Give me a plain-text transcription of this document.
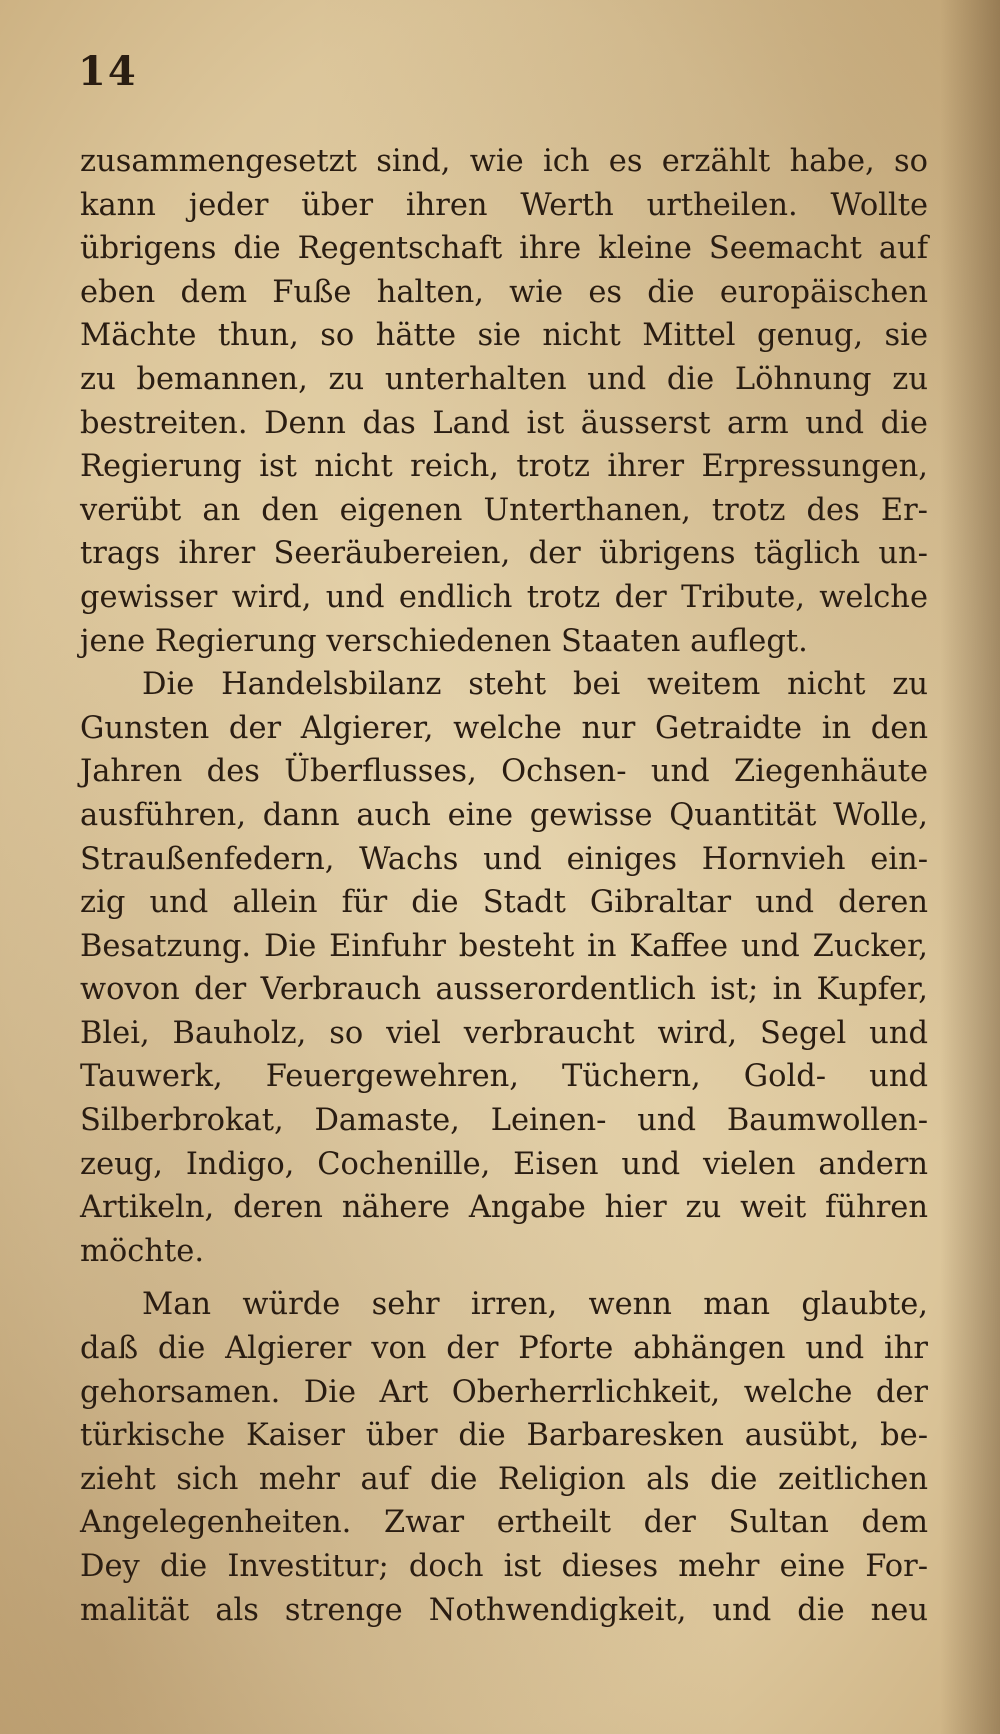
14
zusammengesetzt sind, wie ich es erzählt habe, so
kann jeder über ihren Werth urtheilen. Wollte
übrigens die Regentschaft ihre kleine Seemacht auf
eben dem Fuße halten, wie es die europäischen
Mächte thun, so hätte sie nicht Mittel genug, sie
zu bemannen, zu unterhalten und die Löhnung zu
bestreiten. Denn das Land ist äusserst arm und die
Regierung ist nicht reich, trotz ihrer Erpressungen,
verübt an den eigenen Unterthanen, trotz des Er-
trags ihrer Seeräubereien, der übrigens täglich un-
gewisser wird, und endlich trotz der Tribute, welche
jene Regierung verschiedenen Staaten auflegt.
Die Handelsbilanz steht bei weitem nicht zu
Gunsten der Algierer, welche nur Getraidte in den
Jahren des Überflusses, Ochsen- und Ziegenhäute
ausführen, dann auch eine gewisse Quantität Wolle,
Straußenfedern, Wachs und einiges Hornvieh ein-
zig und allein für die Stadt Gibraltar und deren
Besatzung. Die Einfuhr besteht in Kaffee und Zucker,
wovon der Verbrauch ausserordentlich ist; in Kupfer,
Blei, Bauholz, so viel verbraucht wird, Segel und
Tauwerk, Feuergewehren, Tüchern, Gold- und
Silberbrokat, Damaste, Leinen- und Baumwollen-
zeug, Indigo, Cochenille, Eisen und vielen andern
Artikeln, deren nähere Angabe hier zu weit führen
möchte.
Man würde sehr irren, wenn man glaubte,
daß die Algierer von der Pforte abhängen und ihr
gehorsamen. Die Art Oberherrlichkeit, welche der
türkische Kaiser über die Barbaresken ausübt, be-
zieht sich mehr auf die Religion als die zeitlichen
Angelegenheiten. Zwar ertheilt der Sultan dem
Dey die Investitur; doch ist dieses mehr eine For-
malität als strenge Nothwendigkeit, und die neu
